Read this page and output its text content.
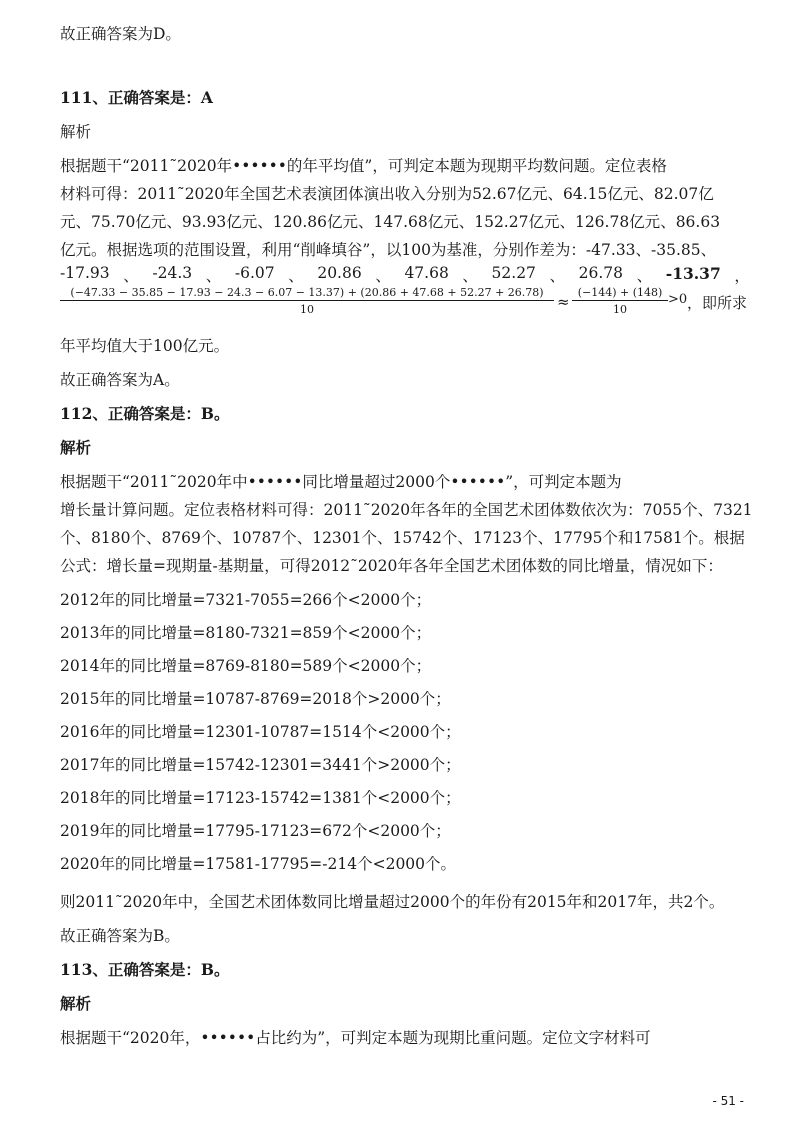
故正确答案为D。
111、正确答案是：A
解析
根据题干“2011˜2020年••••••的年平均值”，可判定本题为现期平均数问题。定位表格
材料可得：2011˜2020年全国艺术表演团体演出收入分别为52.67亿元、64.15亿元、82.07亿
元、75.70亿元、93.93亿元、120.86亿元、147.68亿元、152.27亿元、126.78亿元、86.63
亿元。根据选项的范围设置，利用“削峰填谷”，以100为基准，分别作差为：-47.33、-35.85、
-17.93 、 -24.3 、 -6.07 、 20.86 、 47.68 、 52.27 、 26.78 、 -13.37 ，
(−47.33 − 35.85 − 17.93 − 24.3 − 6.07 − 13.37) + (20.86 + 47.68 + 52.27 + 26.78)
10	≈ $\frac{(-144) + (148)}{10} >0$ ，即所求
年平均值大于100亿元。
故正确答案为A。
112、正确答案是：B。
解析
根据题干“2011˜2020年中••••••同比增量超过2000个••••••”，可判定本题为
增长量计算问题。定位表格材料可得：2011˜2020年各年的全国艺术团体数依次为：7055个、7321
个、8180个、8769个、10787个、12301个、15742个、17123个、17795个和17581个。根据
公式：增长量=现期量-基期量，可得2012˜2020年各年全国艺术团体数的同比增量，情况如下：
2012年的同比增量=7321-7055=266个<2000个；
2013年的同比增量=8180-7321=859个<2000个；
2014年的同比增量=8769-8180=589个<2000个；
2015年的同比增量=10787-8769=2018个>2000个；
2016年的同比增量=12301-10787=1514个<2000个；
2017年的同比增量=15742-12301=3441个>2000个；
2018年的同比增量=17123-15742=1381个<2000个；
2019年的同比增量=17795-17123=672个<2000个；
2020年的同比增量=17581-17795=-214个<2000个。
则2011˜2020年中，全国艺术团体数同比增量超过2000个的年份有2015年和2017年，共2个。
故正确答案为B。
113、正确答案是：B。
解析
根据题干“2020年，••••••占比约为”，可判定本题为现期比重问题。定位文字材料可
- 51 -
